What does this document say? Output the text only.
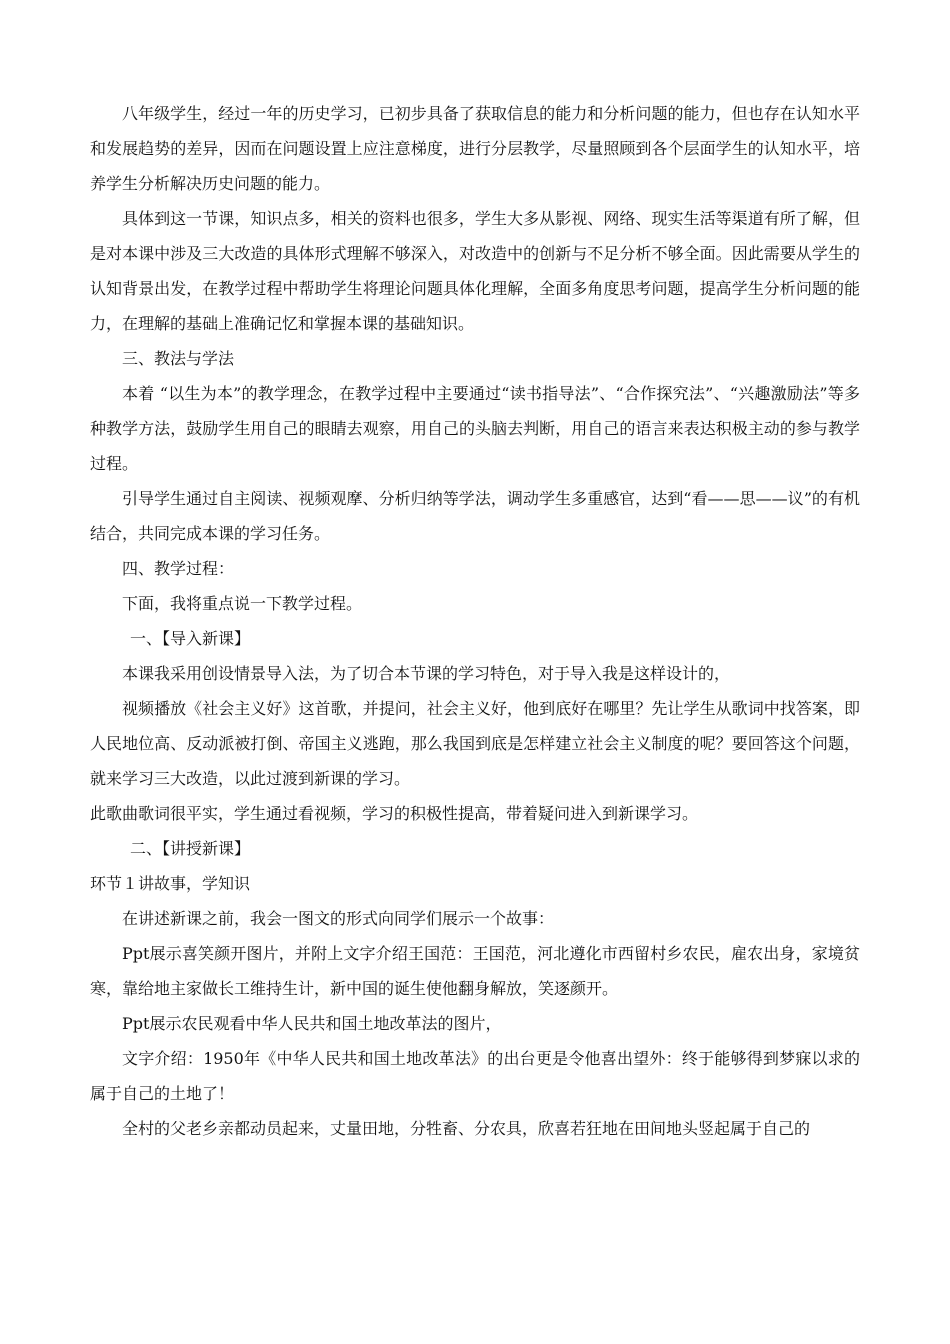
八年级学生，经过一年的历史学习，已初步具备了获取信息的能力和分析问题的能力，但也存在认知水平和发展趋势的差异，因而在问题设置上应注意梯度，进行分层教学，尽量照顾到各个层面学生的认知水平，培养学生分析解决历史问题的能力。

具体到这一节课，知识点多，相关的资料也很多，学生大多从影视、网络、现实生活等渠道有所了解，但是对本课中涉及三大改造的具体形式理解不够深入，对改造中的创新与不足分析不够全面。因此需要从学生的认知背景出发，在教学过程中帮助学生将理论问题具体化理解，全面多角度思考问题，提高学生分析问题的能力，在理解的基础上准确记忆和掌握本课的基础知识。

三、教法与学法

本着 “以生为本”的教学理念，在教学过程中主要通过“读书指导法”、“合作探究法”、“兴趣激励法”等多种教学方法，鼓励学生用自己的眼睛去观察，用自己的头脑去判断，用自己的语言来表达积极主动的参与教学过程。

引导学生通过自主阅读、视频观摩、分析归纳等学法，调动学生多重感官，达到“看——思——议”的有机结合，共同完成本课的学习任务。

四、教学过程：

下面，我将重点说一下教学过程。

一、【导入新课】

本课我采用创设情景导入法，为了切合本节课的学习特色，对于导入我是这样设计的，

视频播放《社会主义好》这首歌，并提问，社会主义好，他到底好在哪里？先让学生从歌词中找答案，即人民地位高、反动派被打倒、帝国主义逃跑，那么我国到底是怎样建立社会主义制度的呢？要回答这个问题，就来学习三大改造，以此过渡到新课的学习。

此歌曲歌词很平实，学生通过看视频，学习的积极性提高，带着疑问进入到新课学习。

二、【讲授新课】

环节１讲故事，学知识

在讲述新课之前，我会一图文的形式向同学们展示一个故事：

Ppt展示喜笑颜开图片，并附上文字介绍王国范：王国范，河北遵化市西留村乡农民，雇农出身，家境贫寒，靠给地主家做长工维持生计，新中国的诞生使他翻身解放，笑逐颜开。

Ppt展示农民观看中华人民共和国土地改革法的图片，

文字介绍：1950年《中华人民共和国土地改革法》的出台更是令他喜出望外：终于能够得到梦寐以求的属于自己的土地了！

全村的父老乡亲都动员起来，丈量田地，分牲畜、分农具，欣喜若狂地在田间地头竖起属于自己的
